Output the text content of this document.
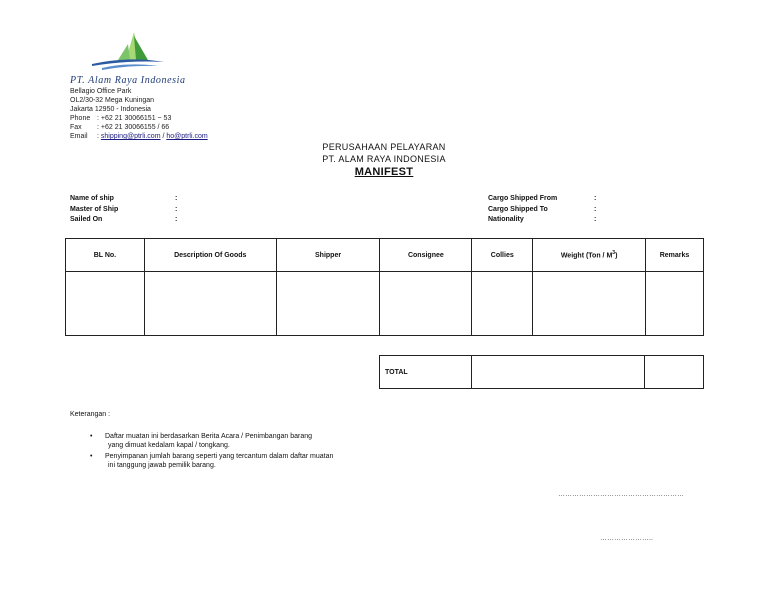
PT. Alam Raya Indonesia
Bellagio Office Park
OL2/30-32 Mega Kuningan
Jakarta 12950 - Indonesia
Phone : +62 21 30066151 ~ 53
Fax : +62 21 30066155 / 66
Email : shipping@ptrli.com / ho@ptrli.com
PERUSAHAAN PELAYARAN
PT. ALAM RAYA INDONESIA
MANIFEST
Name of ship	:
Master of Ship	:
Sailed On	:
Cargo Shipped From	:
Cargo Shipped To	:
Nationality	:
BL No.	Description Of Goods	Shipper	Consignee	Collies	Weight $(Ton / M^3)$	Remarks

TOTAL		
Keterangan :
• Daftar muatan ini berdasarkan Berita Acara / Penimbangan barang
yang dimuat kedalam kapal / tongkang.
• Penyimpanan jumlah barang seperti yang tercantum dalam daftar muatan
ini tanggung jawab pemilik barang.
………………………………………………
…………………..
